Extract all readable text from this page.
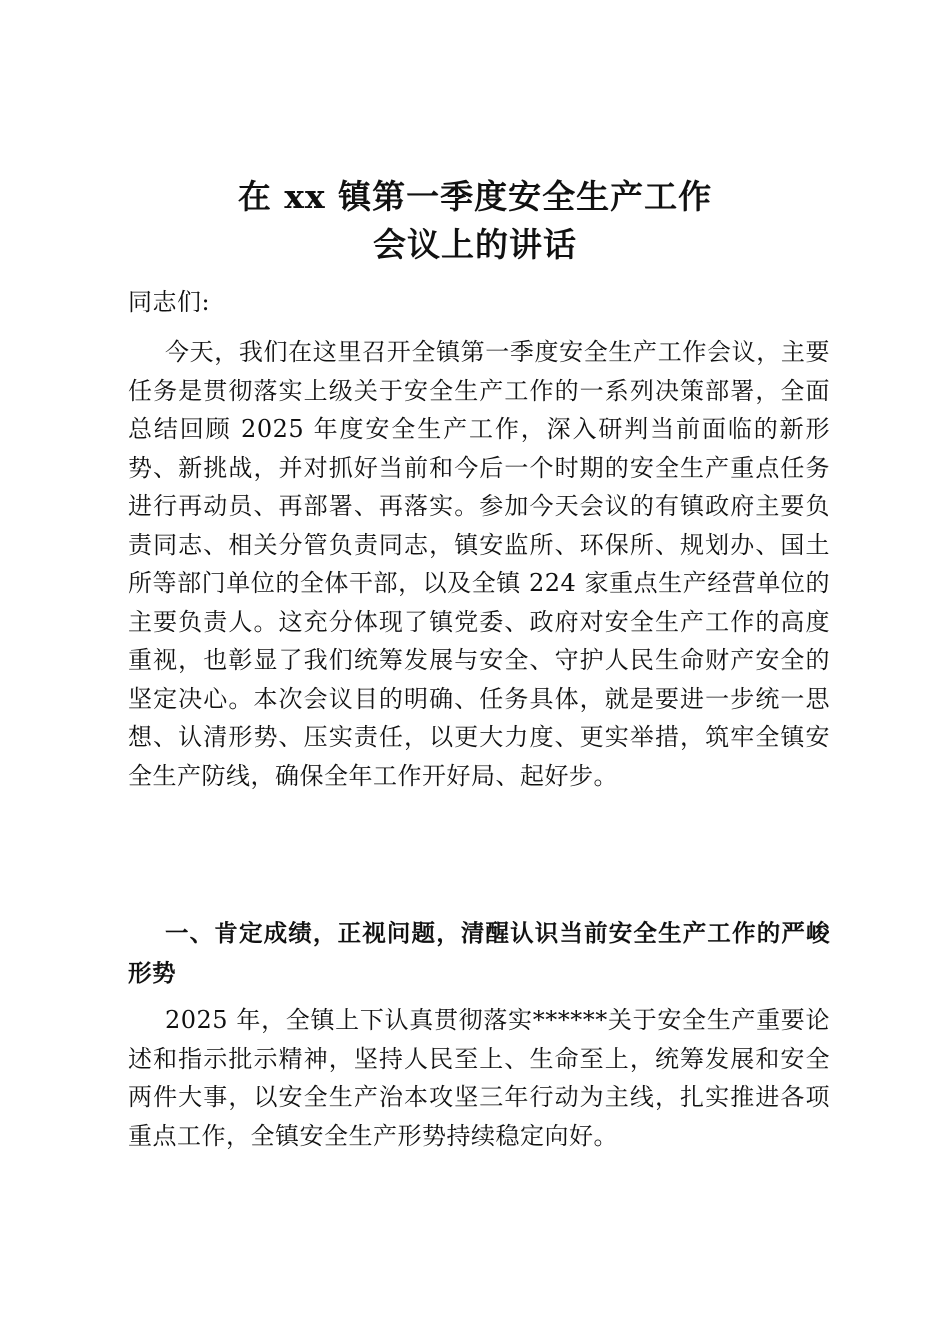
在 xx 镇第一季度安全生产工作
会议上的讲话
同志们:
今天，我们在这里召开全镇第一季度安全生产工作会议，主要任务是贯彻落实上级关于安全生产工作的一系列决策部署，全面总结回顾 2025 年度安全生产工作，深入研判当前面临的新形势、新挑战，并对抓好当前和今后一个时期的安全生产重点任务进行再动员、再部署、再落实。参加今天会议的有镇政府主要负责同志、相关分管负责同志，镇安监所、环保所、规划办、国土所等部门单位的全体干部，以及全镇 224 家重点生产经营单位的主要负责人。这充分体现了镇党委、政府对安全生产工作的高度重视，也彰显了我们统筹发展与安全、守护人民生命财产安全的坚定决心。本次会议目的明确、任务具体，就是要进一步统一思想、认清形势、压实责任，以更大力度、更实举措，筑牢全镇安全生产防线，确保全年工作开好局、起好步。
一、肯定成绩，正视问题，清醒认识当前安全生产工作的严峻形势
2025 年，全镇上下认真贯彻落实******关于安全生产重要论述和指示批示精神，坚持人民至上、生命至上，统筹发展和安全两件大事，以安全生产治本攻坚三年行动为主线，扎实推进各项重点工作，全镇安全生产形势持续稳定向好。
